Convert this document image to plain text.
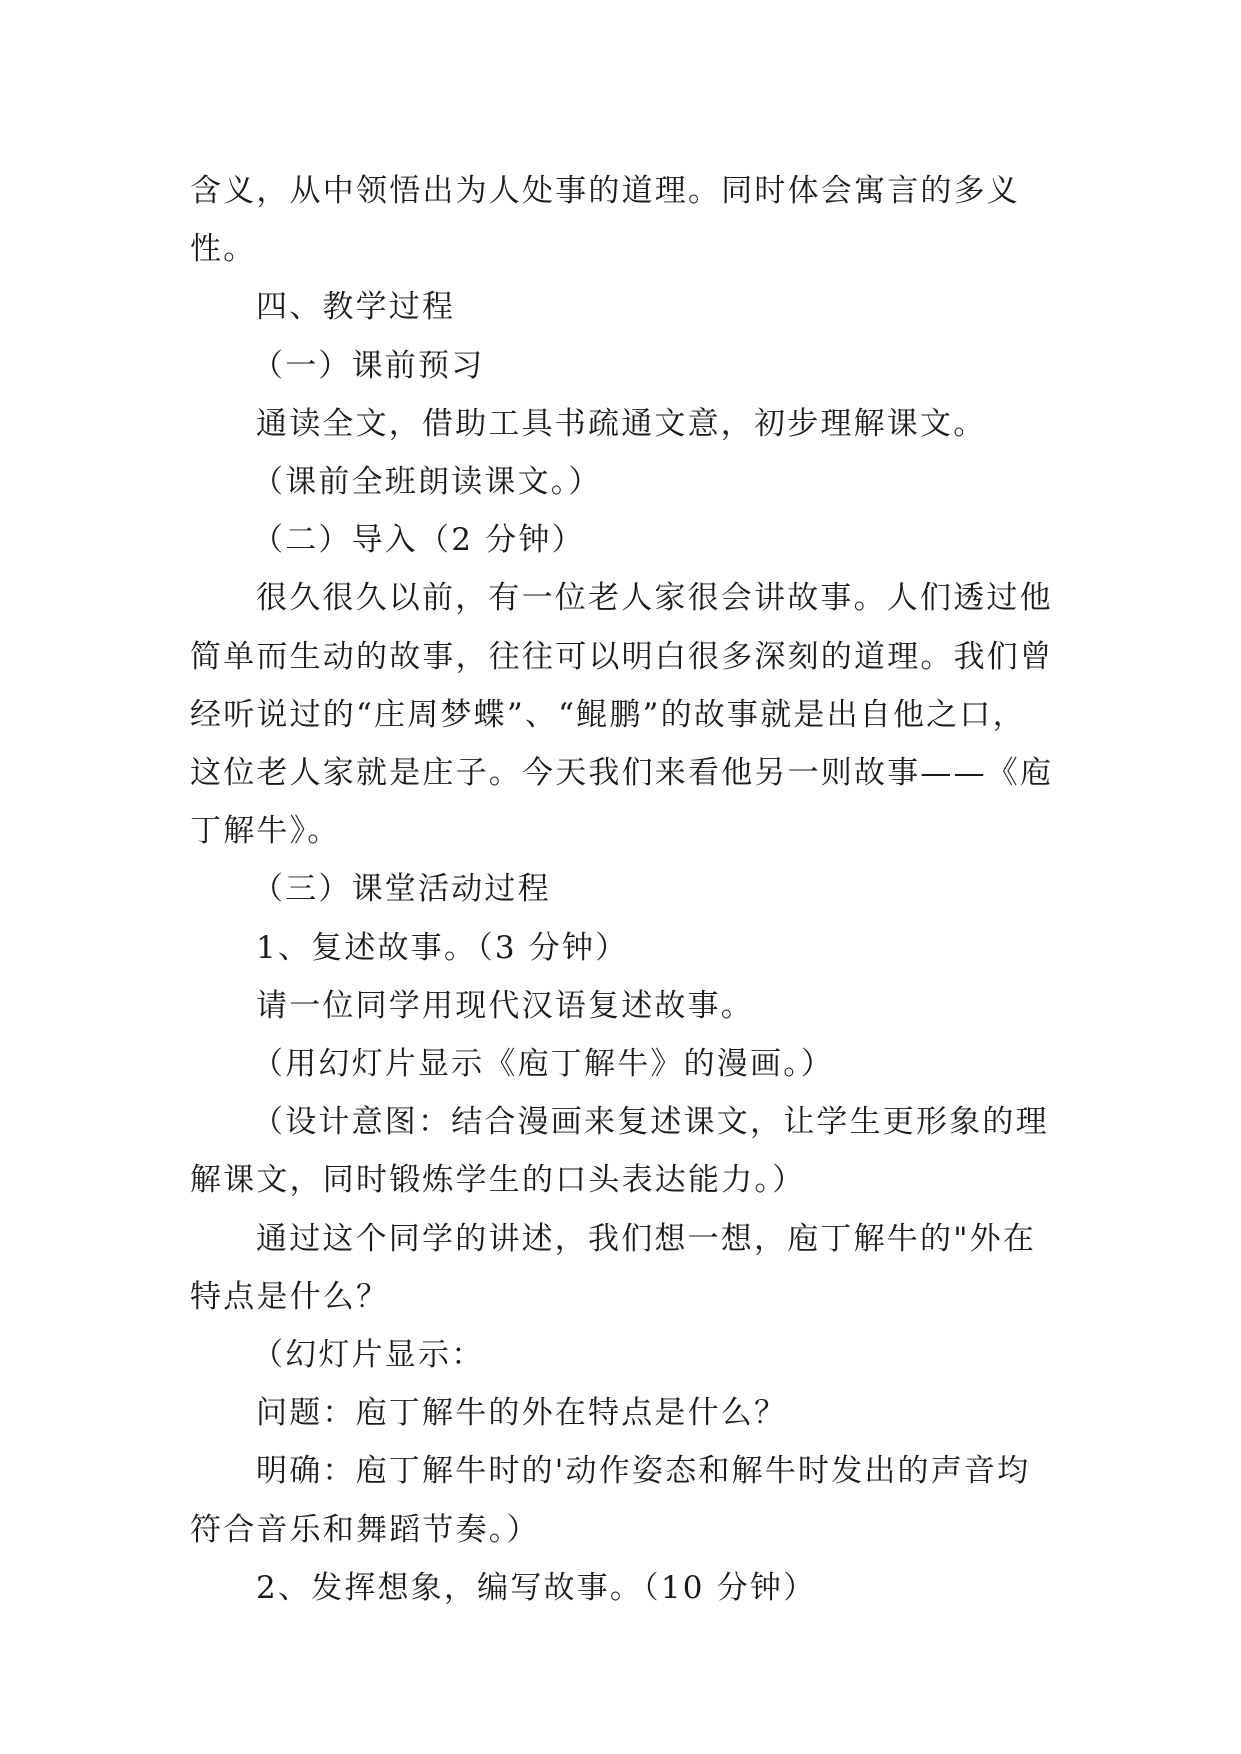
含义，从中领悟出为人处事的道理。同时体会寓言的多义性。

四、教学过程

（一）课前预习

通读全文，借助工具书疏通文意，初步理解课文。

（课前全班朗读课文。）

（二）导入（2 分钟）

很久很久以前，有一位老人家很会讲故事。人们透过他简单而生动的故事，往往可以明白很多深刻的道理。我们曾经听说过的“庄周梦蝶”、“鲲鹏”的故事就是出自他之口，这位老人家就是庄子。今天我们来看他另一则故事——《庖丁解牛》。

（三）课堂活动过程

1、复述故事。（3 分钟）

请一位同学用现代汉语复述故事。

（用幻灯片显示《庖丁解牛》的漫画。）

（设计意图：结合漫画来复述课文，让学生更形象的理解课文，同时锻炼学生的口头表达能力。）

通过这个同学的讲述，我们想一想，庖丁解牛的"外在特点是什么？

（幻灯片显示：

问题：庖丁解牛的外在特点是什么？

明确：庖丁解牛时的'动作姿态和解牛时发出的声音均符合音乐和舞蹈节奏。）

2、发挥想象，编写故事。（10 分钟）
